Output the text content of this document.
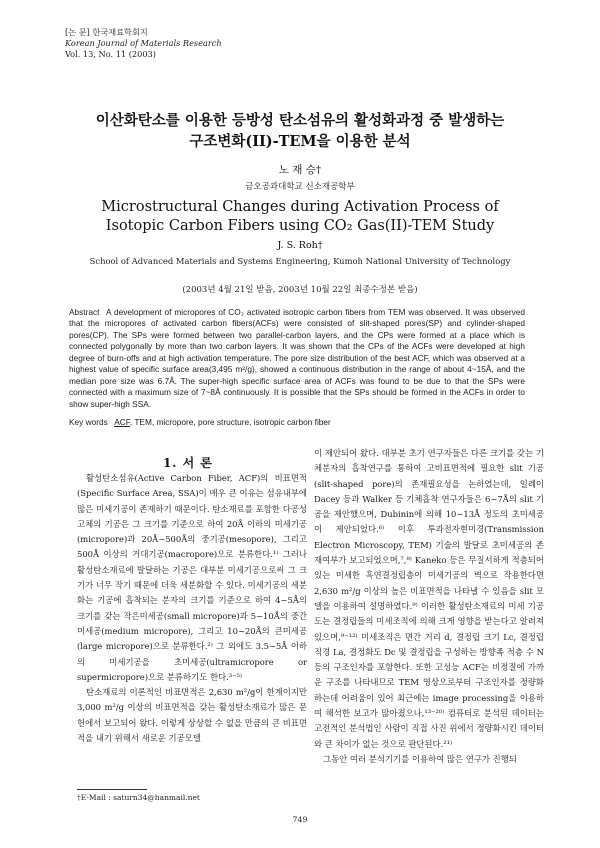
[논 문] 한국재료학회지
Korean Journal of Materials Research
Vol. 13, No. 11 (2003)
이산화탄소를 이용한 등방성 탄소섬유의 활성화과정 중 발생하는
구조변화(II)-TEM을 이용한 분석
노 재 승†
금오공과대학교 신소재공학부
Microstructural Changes during Activation Process of
Isotopic Carbon Fibers using CO₂ Gas(II)-TEM Study
J. S. Roh†
School of Advanced Materials and Systems Engineering, Kumoh National University of Technology
(2003년 4월 21일 받음, 2003년 10월 22일 최종수정본 받음)
Abstract A development of micropores of CO₂ activated isotropic carbon fibers from TEM was observed. It was observed that the micropores of activated carbon fibers(ACFs) were consisted of slit-shaped pores(SP) and cylinder-shaped pores(CP). The SPs were formed between two parallel-carbon layers, and the CPs were formed at a place which is connected polygonally by more than two carbon layers. It was shown that the CPs of the ACFs were developed at high degree of burn-offs and at high activation temperature. The pore size distribution of the best ACF, which was observed at a highest value of specific surface area(3,495 m²/g), showed a continuous distribution in the range of about 4~15Å, and the median pore size was 6.7Å. The super-high specific surface area of ACFs was found to be due to that the SPs were connected with a maximum size of 7~8Å continuously. It is possible that the SPs should be formed in the ACFs in order to show super-high SSA.
Key words ACF, TEM, micropore, pore structure, isotropic carbon fiber
1. 서 론

활성탄소섬유(Active Carbon Fiber, ACF)의 비표면적(Specific Surface Area, SSA)이 매우 큰 이유는 섬유내부에 많은 미세기공이 존재하기 때문이다. 탄소재료를 포함한 다공성 고체의 기공은 그 크기를 기준으로 하여 20Å 이하의 미세기공(micropore)과 20Å~500Å의 중기공(mesopore), 그리고 500Å 이상의 거대기공(macropore)으로 분류한다.¹⁾ 그러나 활성탄소재료에 발달하는 기공은 대부분 미세기공으로써 그 크기가 너무 작기 때문에 더욱 세분화할 수 있다. 미세기공의 세분화는 기공에 흡착되는 분자의 크기를 기준으로 하여 4~5Å의 크기를 갖는 작은미세공(small micropore)과 5~10Å의 중간미세공(medium micropore), 그리고 10~20Å의 큰미세공(large micropore)으로 분류한다.²⁾ 그 외에도 3.5~5Å 이하의 미세기공을 초미세공(ultramicropore or supermicropore)으로 분류하기도 한다.³⁻⁵⁾

탄소재료의 이론적인 비표면적은 2,630 m²/g이 한계이지만 3,000 m²/g 이상의 비표면적을 갖는 활성탄소재료가 많은 문헌에서 보고되어 왔다. 이렇게 상상할 수 없을 만큼의 큰 비표면적을 내기 위해서 새로운 기공모델

이 제안되어 왔다. 대부분 초기 연구자들은 다른 크기를 갖는 기체분자의 흡착연구를 통하여 고비표면적에 필요한 slit 기공(slit-shaped pore)의 존재필요성을 논하였는데, 일례이 Dacey 등과 Walker 등 기체흡착 연구자들은 6~7Å의 slit 기공을 제안했으며, Dubinin에 의해 10~13Å 정도의 초미세공이 제안되었다.⁶⁾ 이후 투과전자현미경(Transmission Electron Microscopy, TEM) 기술의 발달로 초미세공의 존재여부가 보고되었으며,⁷,⁸⁾ Kaneko 등은 무질서하게 적층되어 있는 미세한 흑연결정립층이 미세기공의 벽으로 작용한다면 2,630 m²/g 이상의 높은 비표면적을 나타낼 수 있음을 slit 모델을 이용하여 설명하였다.⁹⁾ 이러한 활성탄소재료의 미세 기공도는 결정립들의 미세조직에 의해 크게 영향을 받는다고 알려져 있으며,⁹⁻¹²⁾ 미세조직은 면간 거리 d, 결정립 크기 Lc, 결정립 직경 La, 결정화도 Dc 및 결정립을 구성하는 방향족 적층 수 N 등의 구조인자를 포함한다. 또한 고성능 ACF는 비정질에 가까운 구조를 나타내므로 TEM 영상으로부터 구조인자를 정량화 하는데 어려움이 있어 최근에는 image processing을 이용하여 해석한 보고가 많아졌으나,¹³⁻²⁰⁾ 컴퓨터로 분석된 데이터는 고전적인 분석법인 사람이 직접 사진 위에서 정량화시킨 데이터와 큰 차이가 없는 것으로 판단된다.²¹⁾

그동안 여러 분석기기를 이용하여 많은 연구가 진행되

†E-Mail : saturn34@hanmail.net
749
